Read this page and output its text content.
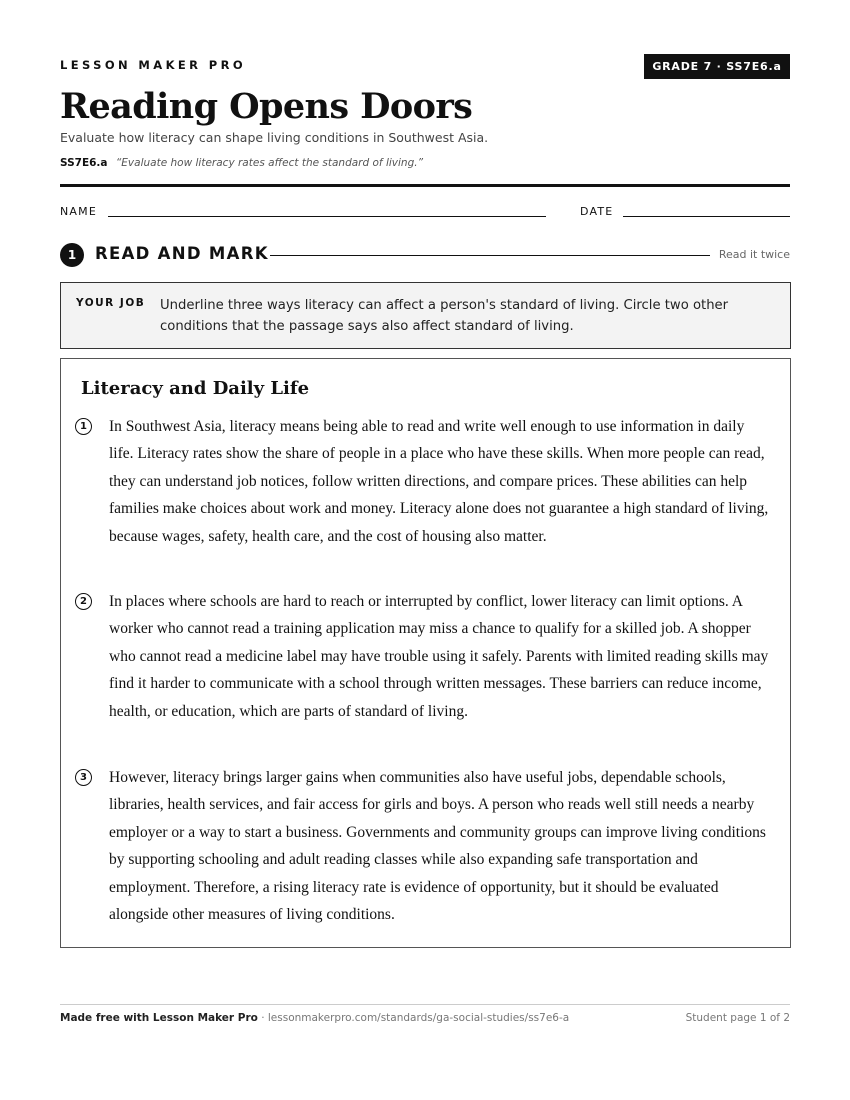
LESSON MAKER PRO	GRADE 7 · SS7E6.a
Reading Opens Doors
Evaluate how literacy can shape living conditions in Southwest Asia.
SS7E6.a “Evaluate how literacy rates affect the standard of living.”
NAME	DATE
1	READ AND MARK	Read it twice
YOUR JOB Underline three ways literacy can affect a person's standard of living. Circle two other conditions that the passage says also affect standard of living.
Literacy and Daily Life
1	In Southwest Asia, literacy means being able to read and write well enough to use information in daily life. Literacy rates show the share of people in a place who have these skills. When more people can read, they can understand job notices, follow written directions, and compare prices. These abilities can help families make choices about work and money. Literacy alone does not guarantee a high standard of living, because wages, safety, health care, and the cost of housing also matter.
2	In places where schools are hard to reach or interrupted by conflict, lower literacy can limit options. A worker who cannot read a training application may miss a chance to qualify for a skilled job. A shopper who cannot read a medicine label may have trouble using it safely. Parents with limited reading skills may find it harder to communicate with a school through written messages. These barriers can reduce income, health, or education, which are parts of standard of living.
3	However, literacy brings larger gains when communities also have useful jobs, dependable schools, libraries, health services, and fair access for girls and boys. A person who reads well still needs a nearby employer or a way to start a business. Governments and community groups can improve living conditions by supporting schooling and adult reading classes while also expanding safe transportation and employment. Therefore, a rising literacy rate is evidence of opportunity, but it should be evaluated alongside other measures of living conditions.
Made free with Lesson Maker Pro · lessonmakerpro.com/standards/ga-social-studies/ss7e6-a	Student page 1 of 2
